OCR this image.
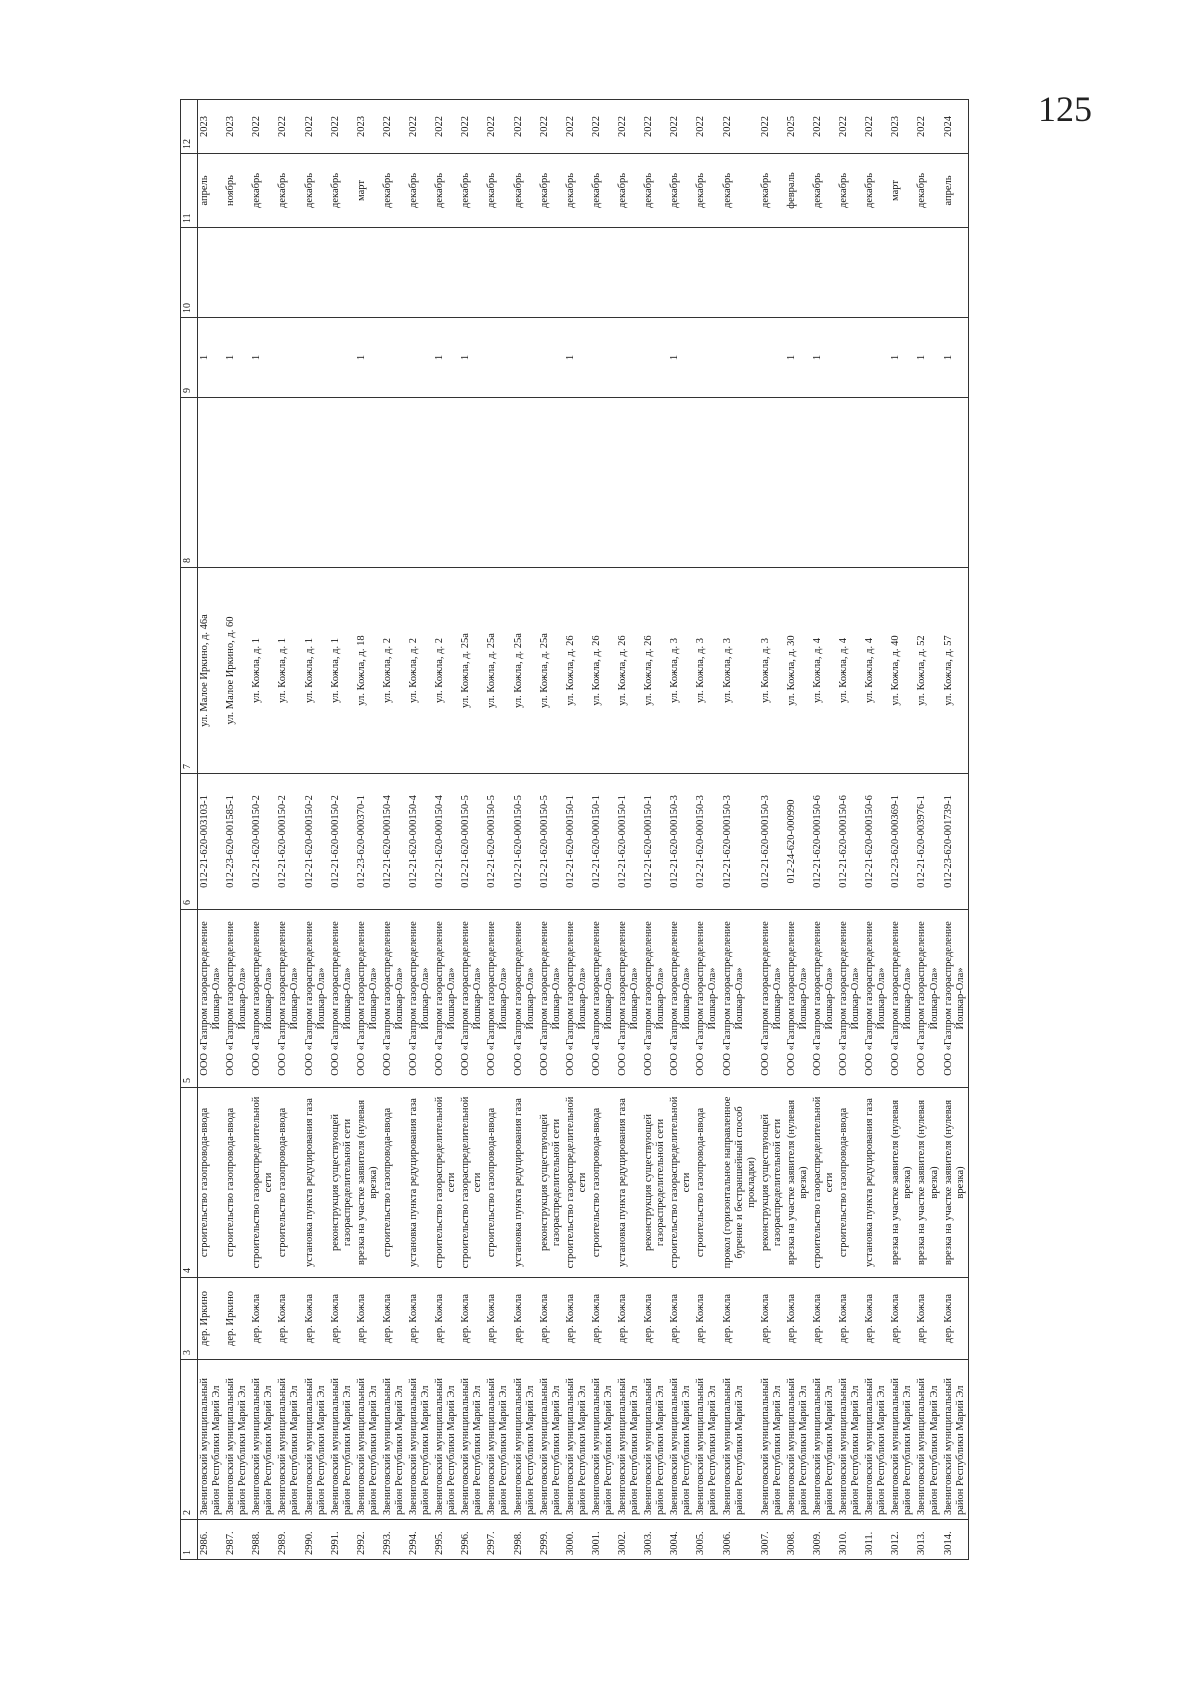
125
1	2	3	4	5	6	7	8	9	10	11	12
2986.	Звениговский муниципальный район Республики Марий Эл	дер. Иркино	строительство газопровода-ввода	ООО «Газпром газораспределение Йошкар-Ола»	012-21-620-003103-1	ул. Малое Иркино, д. 46а		1		апрель	2023
2987.	Звениговский муниципальный район Республики Марий Эл	дер. Иркино	строительство газопровода-ввода	ООО «Газпром газораспределение Йошкар-Ола»	012-23-620-001585-1	ул. Малое Иркино, д. 60		1		ноябрь	2023
2988.	Звениговский муниципальный район Республики Марий Эл	дер. Кожла	строительство газораспределительной сети	ООО «Газпром газораспределение Йошкар-Ола»	012-21-620-000150-2	ул. Кожла, д. 1		1		декабрь	2022
2989.	Звениговский муниципальный район Республики Марий Эл	дер. Кожла	строительство газопровода-ввода	ООО «Газпром газораспределение Йошкар-Ола»	012-21-620-000150-2	ул. Кожла, д. 1				декабрь	2022
2990.	Звениговский муниципальный район Республики Марий Эл	дер. Кожла	установка пункта редуцирования газа	ООО «Газпром газораспределение Йошкар-Ола»	012-21-620-000150-2	ул. Кожла, д. 1				декабрь	2022
2991.	Звениговский муниципальный район Республики Марий Эл	дер. Кожла	реконструкция существующей газораспределительной сети	ООО «Газпром газораспределение Йошкар-Ола»	012-21-620-000150-2	ул. Кожла, д. 1				декабрь	2022
2992.	Звениговский муниципальный район Республики Марий Эл	дер. Кожла	врезка на участке заявителя (нулевая врезка)	ООО «Газпром газораспределение Йошкар-Ола»	012-23-620-000370-1	ул. Кожла, д. 18		1		март	2023
2993.	Звениговский муниципальный район Республики Марий Эл	дер. Кожла	строительство газопровода-ввода	ООО «Газпром газораспределение Йошкар-Ола»	012-21-620-000150-4	ул. Кожла, д. 2				декабрь	2022
2994.	Звениговский муниципальный район Республики Марий Эл	дер. Кожла	установка пункта редуцирования газа	ООО «Газпром газораспределение Йошкар-Ола»	012-21-620-000150-4	ул. Кожла, д. 2				декабрь	2022
2995.	Звениговский муниципальный район Республики Марий Эл	дер. Кожла	строительство газораспределительной сети	ООО «Газпром газораспределение Йошкар-Ола»	012-21-620-000150-4	ул. Кожла, д. 2		1		декабрь	2022
2996.	Звениговский муниципальный район Республики Марий Эл	дер. Кожла	строительство газораспределительной сети	ООО «Газпром газораспределение Йошкар-Ола»	012-21-620-000150-5	ул. Кожла, д. 25а		1		декабрь	2022
2997.	Звениговский муниципальный район Республики Марий Эл	дер. Кожла	строительство газопровода-ввода	ООО «Газпром газораспределение Йошкар-Ола»	012-21-620-000150-5	ул. Кожла, д. 25а				декабрь	2022
2998.	Звениговский муниципальный район Республики Марий Эл	дер. Кожла	установка пункта редуцирования газа	ООО «Газпром газораспределение Йошкар-Ола»	012-21-620-000150-5	ул. Кожла, д. 25а				декабрь	2022
2999.	Звениговский муниципальный район Республики Марий Эл	дер. Кожла	реконструкция существующей газораспределительной сети	ООО «Газпром газораспределение Йошкар-Ола»	012-21-620-000150-5	ул. Кожла, д. 25а				декабрь	2022
3000.	Звениговский муниципальный район Республики Марий Эл	дер. Кожла	строительство газораспределительной сети	ООО «Газпром газораспределение Йошкар-Ола»	012-21-620-000150-1	ул. Кожла, д. 26		1		декабрь	2022
3001.	Звениговский муниципальный район Республики Марий Эл	дер. Кожла	строительство газопровода-ввода	ООО «Газпром газораспределение Йошкар-Ола»	012-21-620-000150-1	ул. Кожла, д. 26				декабрь	2022
3002.	Звениговский муниципальный район Республики Марий Эл	дер. Кожла	установка пункта редуцирования газа	ООО «Газпром газораспределение Йошкар-Ола»	012-21-620-000150-1	ул. Кожла, д. 26				декабрь	2022
3003.	Звениговский муниципальный район Республики Марий Эл	дер. Кожла	реконструкция существующей газораспределительной сети	ООО «Газпром газораспределение Йошкар-Ола»	012-21-620-000150-1	ул. Кожла, д. 26				декабрь	2022
3004.	Звениговский муниципальный район Республики Марий Эл	дер. Кожла	строительство газораспределительной сети	ООО «Газпром газораспределение Йошкар-Ола»	012-21-620-000150-3	ул. Кожла, д. 3		1		декабрь	2022
3005.	Звениговский муниципальный район Республики Марий Эл	дер. Кожла	строительство газопровода-ввода	ООО «Газпром газораспределение Йошкар-Ола»	012-21-620-000150-3	ул. Кожла, д. 3				декабрь	2022
3006.	Звениговский муниципальный район Республики Марий Эл	дер. Кожла	прокол (горизонтальное направленное бурение и бестраншейный способ прокладки)	ООО «Газпром газораспределение Йошкар-Ола»	012-21-620-000150-3	ул. Кожла, д. 3				декабрь	2022
3007.	Звениговский муниципальный район Республики Марий Эл	дер. Кожла	реконструкция существующей газораспределительной сети	ООО «Газпром газораспределение Йошкар-Ола»	012-21-620-000150-3	ул. Кожла, д. 3				декабрь	2022
3008.	Звениговский муниципальный район Республики Марий Эл	дер. Кожла	врезка на участке заявителя (нулевая врезка)	ООО «Газпром газораспределение Йошкар-Ола»	012-24-620-000990	ул. Кожла, д. 30		1		февраль	2025
3009.	Звениговский муниципальный район Республики Марий Эл	дер. Кожла	строительство газораспределительной сети	ООО «Газпром газораспределение Йошкар-Ола»	012-21-620-000150-6	ул. Кожла, д. 4		1		декабрь	2022
3010.	Звениговский муниципальный район Республики Марий Эл	дер. Кожла	строительство газопровода-ввода	ООО «Газпром газораспределение Йошкар-Ола»	012-21-620-000150-6	ул. Кожла, д. 4				декабрь	2022
3011.	Звениговский муниципальный район Республики Марий Эл	дер. Кожла	установка пункта редуцирования газа	ООО «Газпром газораспределение Йошкар-Ола»	012-21-620-000150-6	ул. Кожла, д. 4				декабрь	2022
3012.	Звениговский муниципальный район Республики Марий Эл	дер. Кожла	врезка на участке заявителя (нулевая врезка)	ООО «Газпром газораспределение Йошкар-Ола»	012-23-620-000369-1	ул. Кожла, д. 40		1		март	2023
3013.	Звениговский муниципальный район Республики Марий Эл	дер. Кожла	врезка на участке заявителя (нулевая врезка)	ООО «Газпром газораспределение Йошкар-Ола»	012-21-620-003976-1	ул. Кожла, д. 52		1		декабрь	2022
3014.	Звениговский муниципальный район Республики Марий Эл	дер. Кожла	врезка на участке заявителя (нулевая врезка)	ООО «Газпром газораспределение Йошкар-Ола»	012-23-620-001739-1	ул. Кожла, д. 57		1		апрель	2024
